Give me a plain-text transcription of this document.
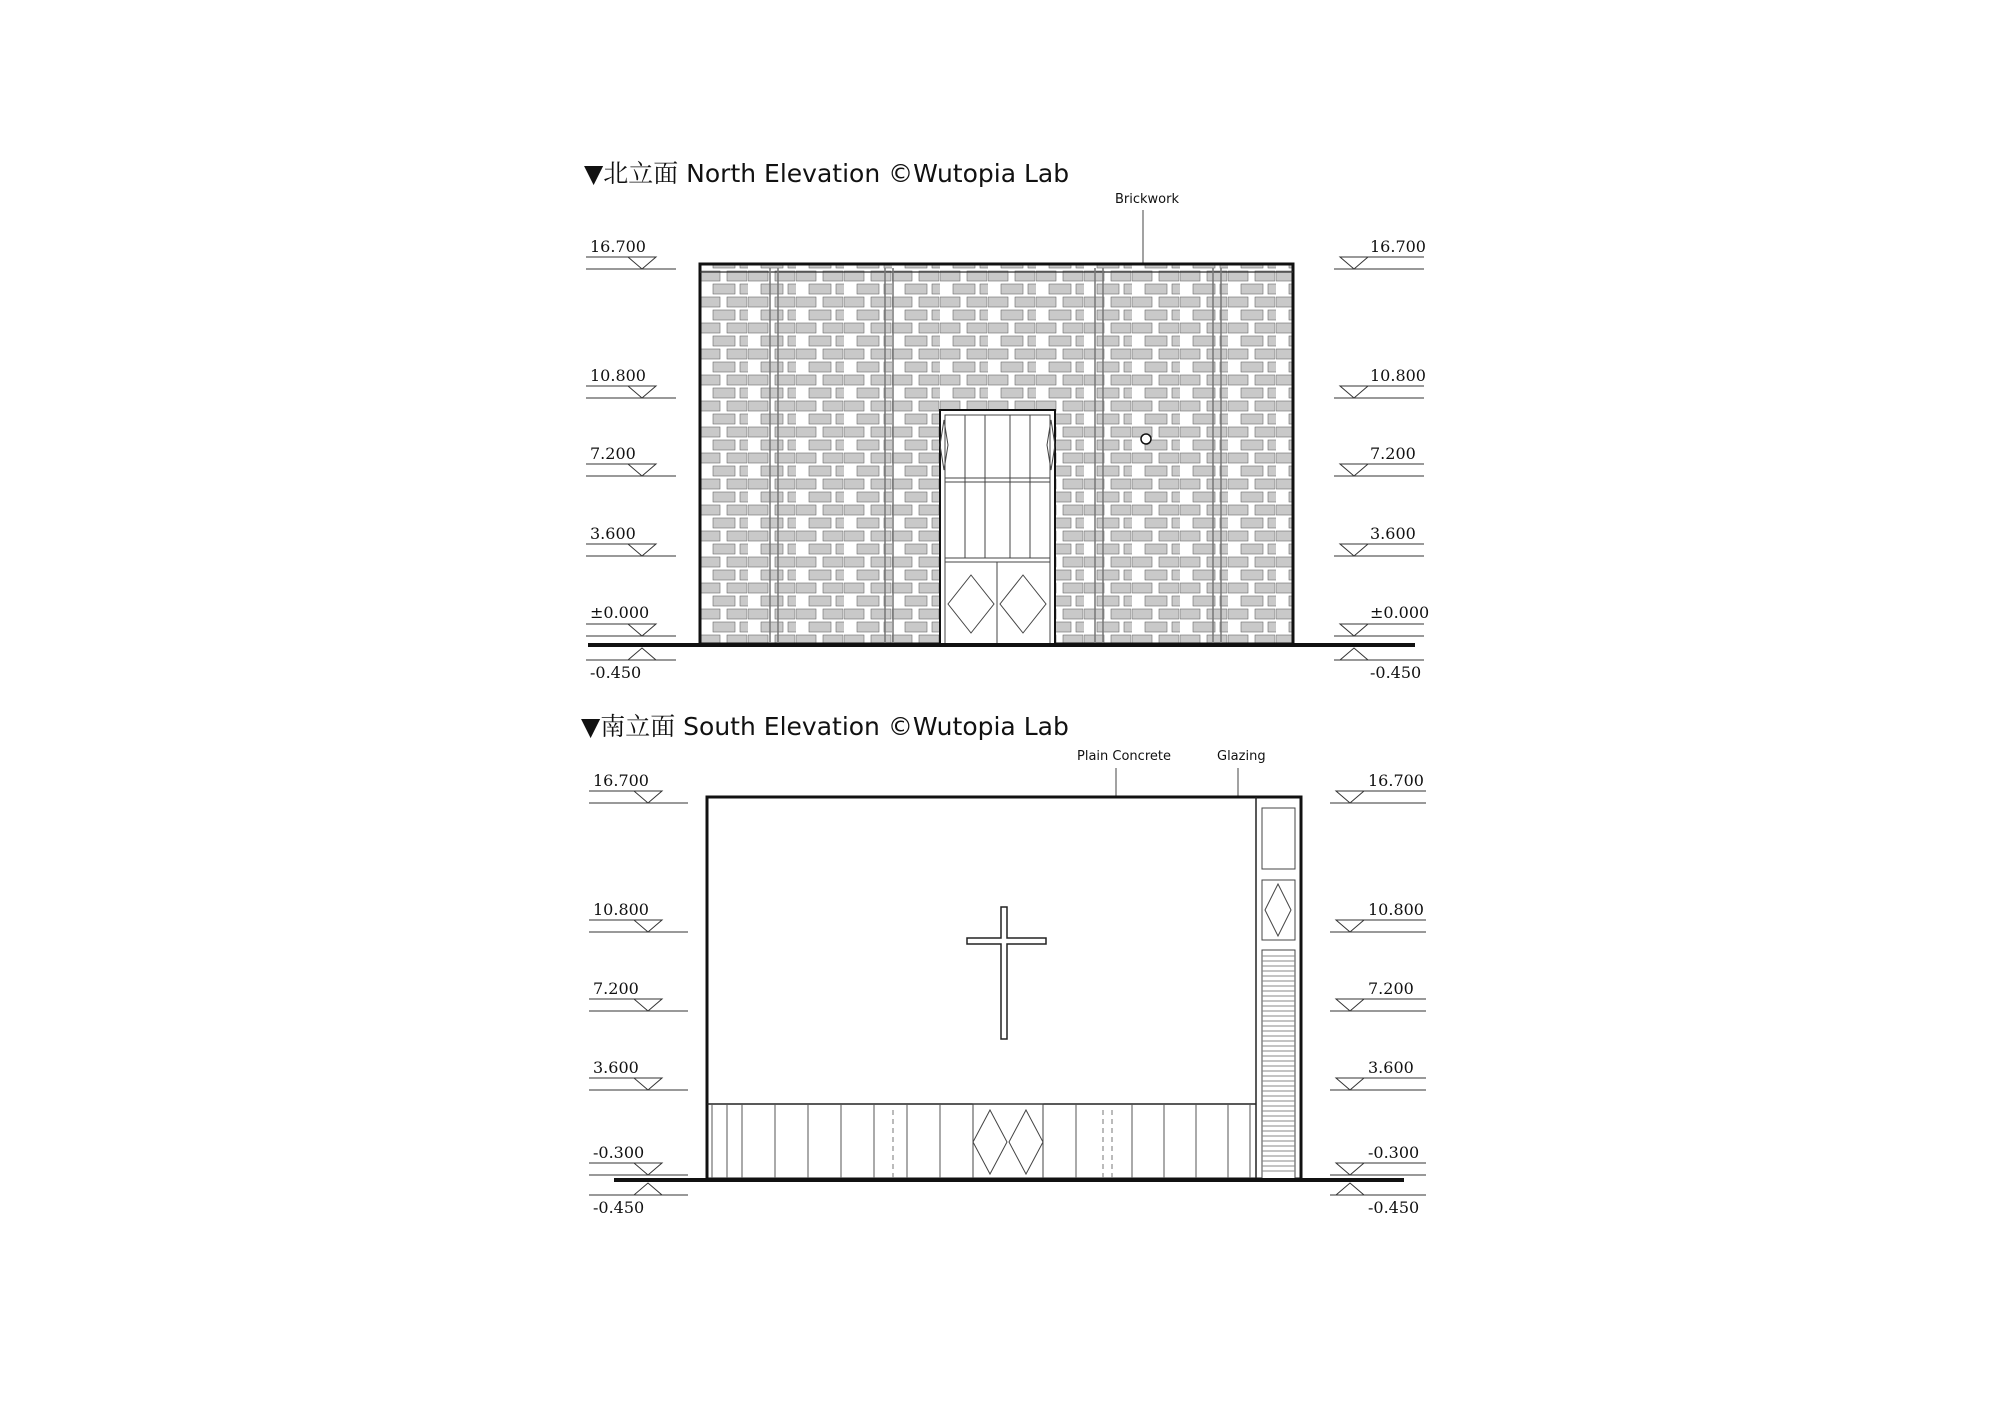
▼北立面 North Elevation ©Wutopia Lab
Brickwork
16.700
10.800
7.200
3.600
±0.000
-0.450
16.700
10.800
7.200
3.600
±0.000
-0.450
▼南立面 South Elevation ©Wutopia Lab
Plain Concrete	Glazing
16.700
10.800
7.200
3.600
-0.300
-0.450
16.700
10.800
7.200
3.600
-0.300
-0.450
